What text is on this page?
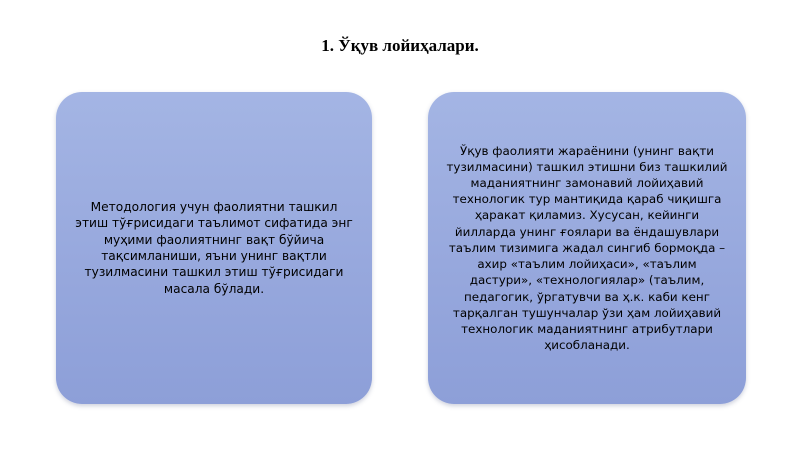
1. Ўқув лойиҳалари.

Методология учун фаолиятни ташкил этиш тўғрисидаги таълимот сифатида энг муҳими фаолиятнинг вақт бўйича тақсимланиши, яъни унинг вақтли тузилмасини ташкил этиш тўғрисидаги масала бўлади.

Ўқув фаолияти жараёнини (унинг вақти тузилмасини) ташкил этишни биз ташкилий маданиятнинг замонавий лойиҳавий технологик тур мантиқида қараб чиқишга ҳаракат қиламиз. Хусусан, кейинги йилларда унинг ғоялари ва ёндашувлари таълим тизимига жадал сингиб бормоқда – ахир «таълим лойиҳаси», «таълим дастури», «технологиялар» (таълим, педагогик, ўргатувчи ва ҳ.к. каби кенг тарқалган тушунчалар ўзи ҳам лойиҳавий технологик маданиятнинг атрибутлари ҳисобланади.
